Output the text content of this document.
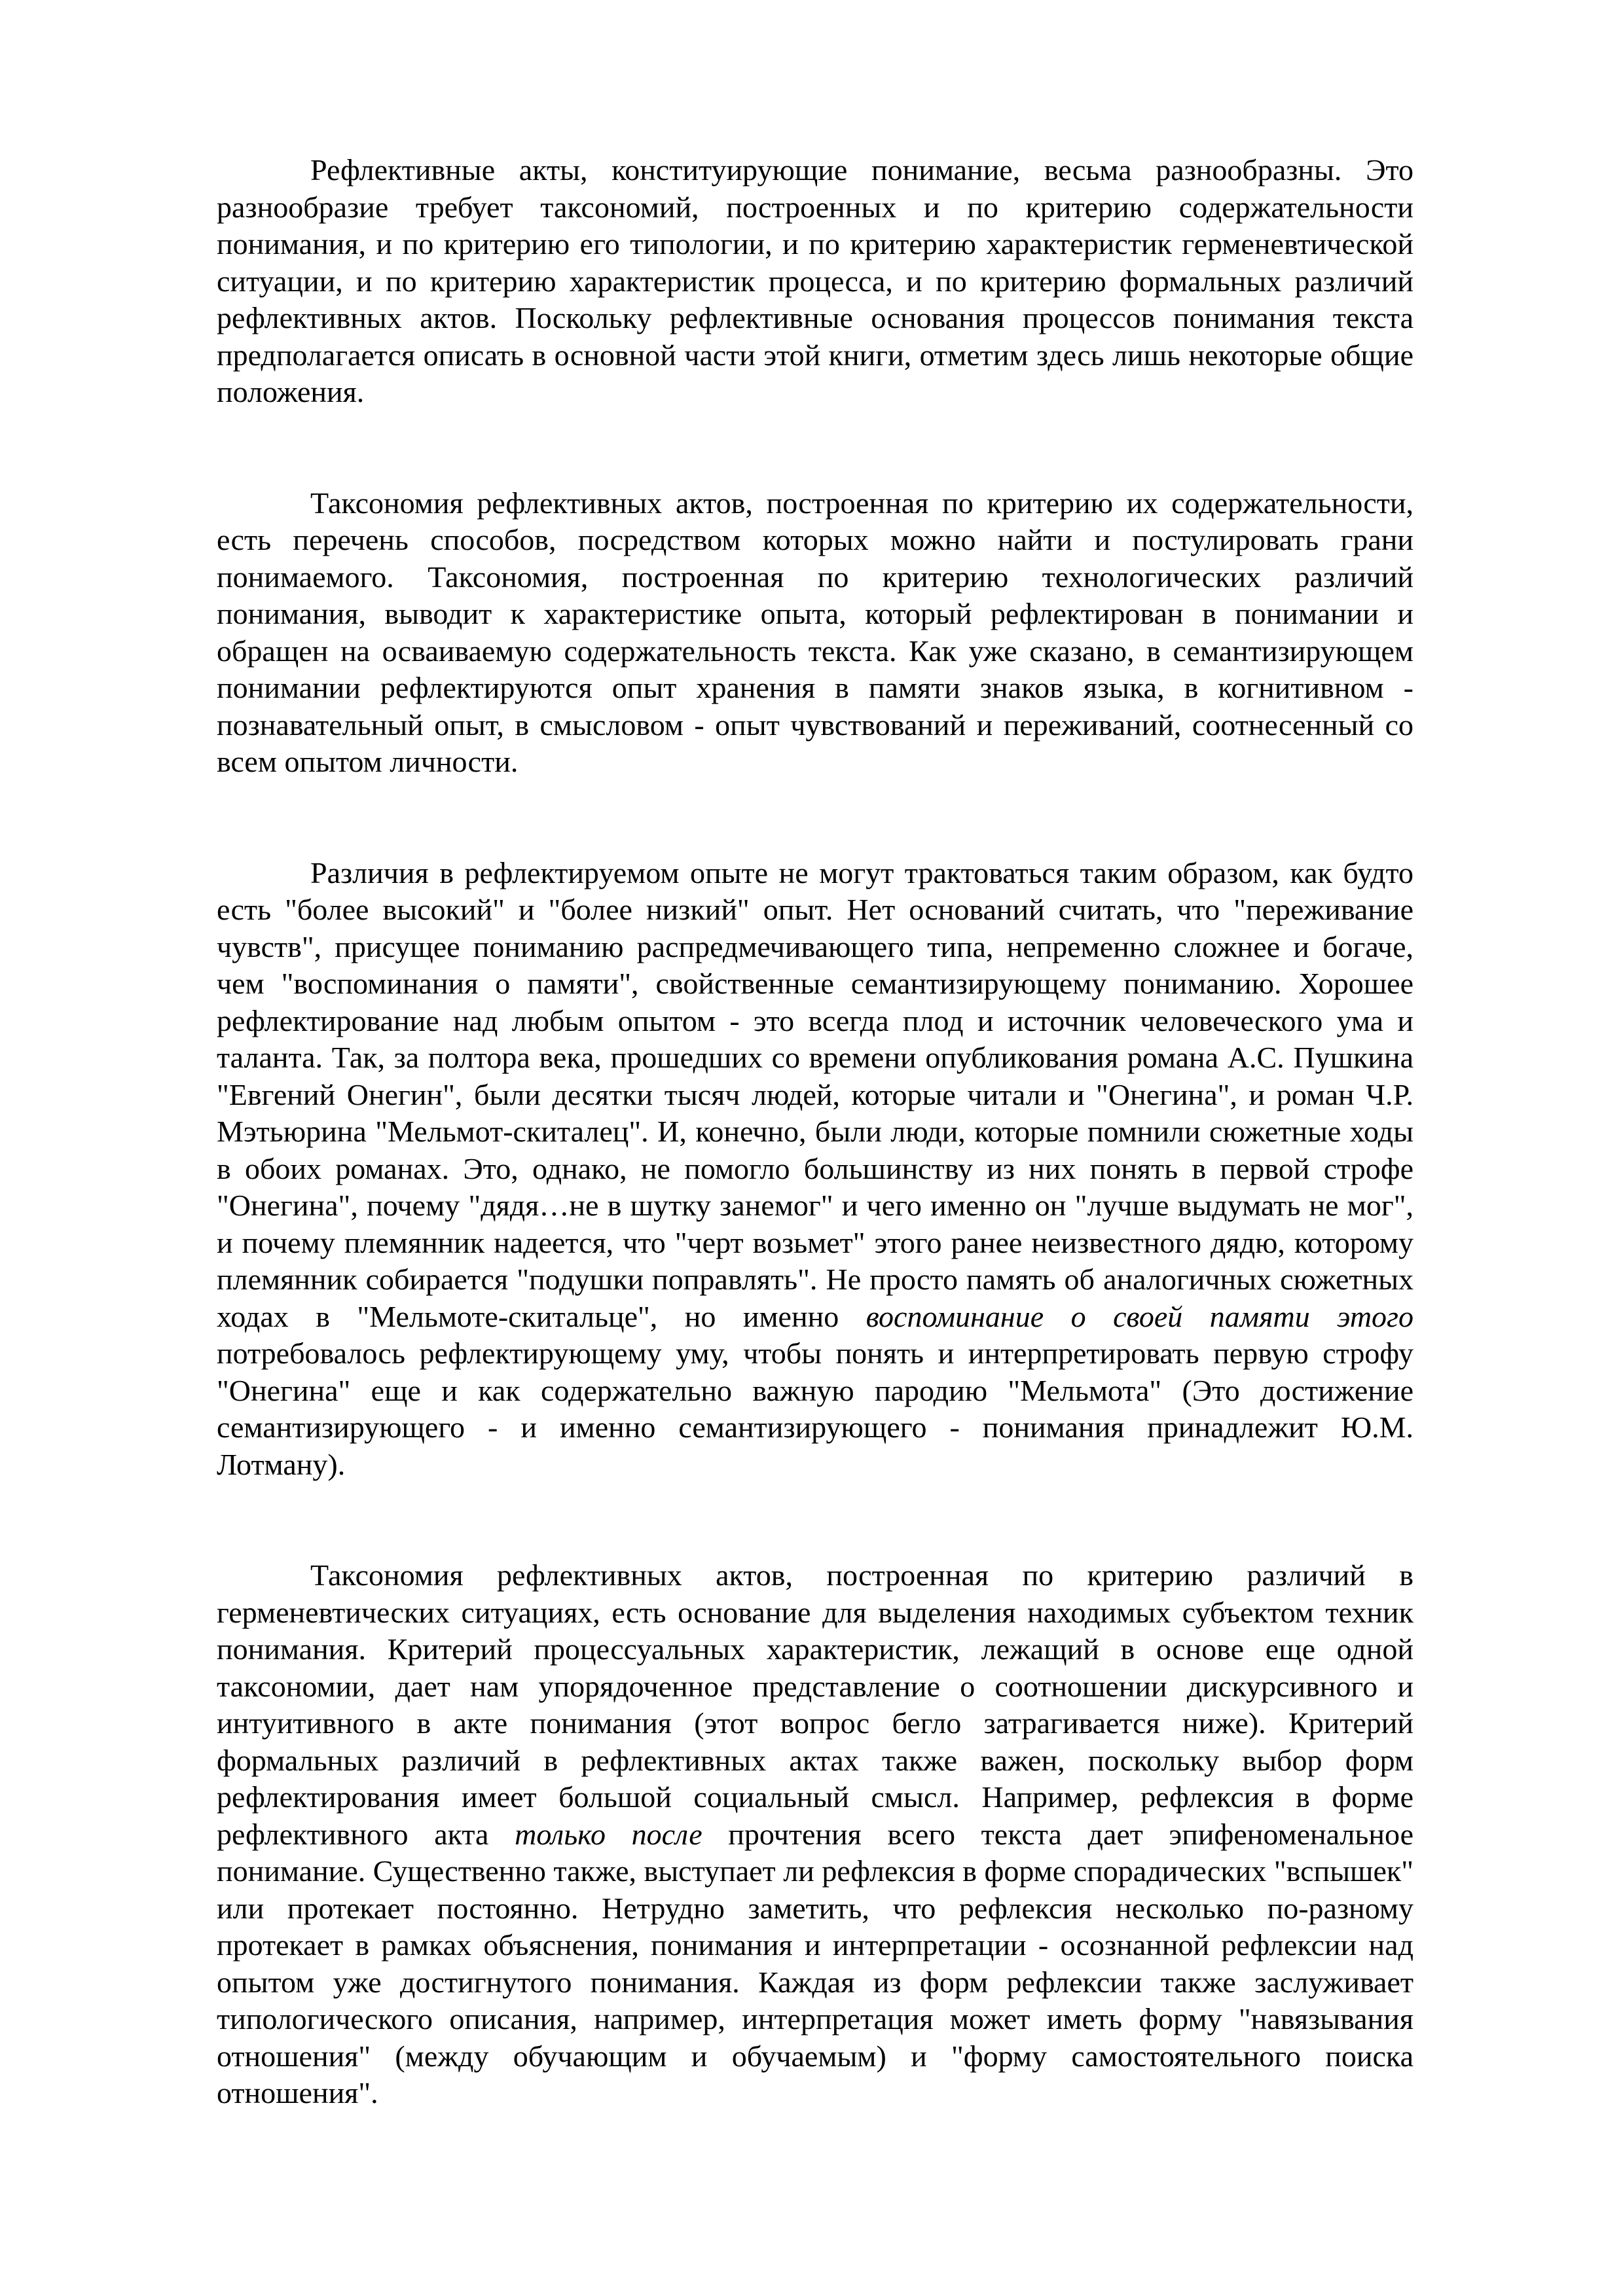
Рефлективные акты, конституирующие понимание, весьма разнообразны. Это разнообразие требует таксономий, построенных и по критерию содержательности понимания, и по критерию его типологии, и по критерию характеристик герменевтической ситуации, и по критерию характеристик процесса, и по критерию формальных различий рефлективных актов. Поскольку рефлективные основания процессов понимания текста предполагается описать в основной части этой книги, отметим здесь лишь некоторые общие положения.

Таксономия рефлективных актов, построенная по критерию их содержательности, есть перечень способов, посредством которых можно найти и постулировать грани понимаемого. Таксономия, построенная по критерию технологических различий понимания, выводит к характеристике опыта, который рефлектирован в понимании и обращен на осваиваемую содержательность текста. Как уже сказано, в семантизирующем понимании рефлектируются опыт хранения в памяти знаков языка, в когнитивном - познавательный опыт, в смысловом - опыт чувствований и переживаний, соотнесенный со всем опытом личности.

Различия в рефлектируемом опыте не могут трактоваться таким образом, как будто есть "более высокий" и "более низкий" опыт. Нет оснований считать, что "переживание чувств", присущее пониманию распредмечивающего типа, непременно сложнее и богаче, чем "воспоминания о памяти", свойственные семантизирующему пониманию. Хорошее рефлектирование над любым опытом - это всегда плод и источник человеческого ума и таланта. Так, за полтора века, прошедших со времени опубликования романа А.С. Пушкина "Евгений Онегин", были десятки тысяч людей, которые читали и "Онегина", и роман Ч.Р. Мэтьюрина "Мельмот-скиталец". И, конечно, были люди, которые помнили сюжетные ходы в обоих романах. Это, однако, не помогло большинству из них понять в первой строфе "Онегина", почему "дядя…не в шутку занемог" и чего именно он "лучше выдумать не мог", и почему племянник надеется, что "черт возьмет" этого ранее неизвестного дядю, которому племянник собирается "подушки поправлять". Не просто память об аналогичных сюжетных ходах в "Мельмоте-скитальце", но именно воспоминание о своей памяти этого потребовалось рефлектирующему уму, чтобы понять и интерпретировать первую строфу "Онегина" еще и как содержательно важную пародию "Мельмота" (Это достижение семантизирующего - и именно семантизирующего - понимания принадлежит Ю.М. Лотману).

Таксономия рефлективных актов, построенная по критерию различий в герменевтических ситуациях, есть основание для выделения находимых субъектом техник понимания. Критерий процессуальных характеристик, лежащий в основе еще одной таксономии, дает нам упорядоченное представление о соотношении дискурсивного и интуитивного в акте понимания (этот вопрос бегло затрагивается ниже). Критерий формальных различий в рефлективных актах также важен, поскольку выбор форм рефлектирования имеет большой социальный смысл. Например, рефлексия в форме рефлективного акта только после прочтения всего текста дает эпифеноменальное понимание. Существенно также, выступает ли рефлексия в форме спорадических "вспышек" или протекает постоянно. Нетрудно заметить, что рефлексия несколько по-разному протекает в рамках объяснения, понимания и интерпретации - осознанной рефлексии над опытом уже достигнутого понимания. Каждая из форм рефлексии также заслуживает типологического описания, например, интерпретация может иметь форму "навязывания отношения" (между обучающим и обучаемым) и "форму самостоятельного поиска отношения".
